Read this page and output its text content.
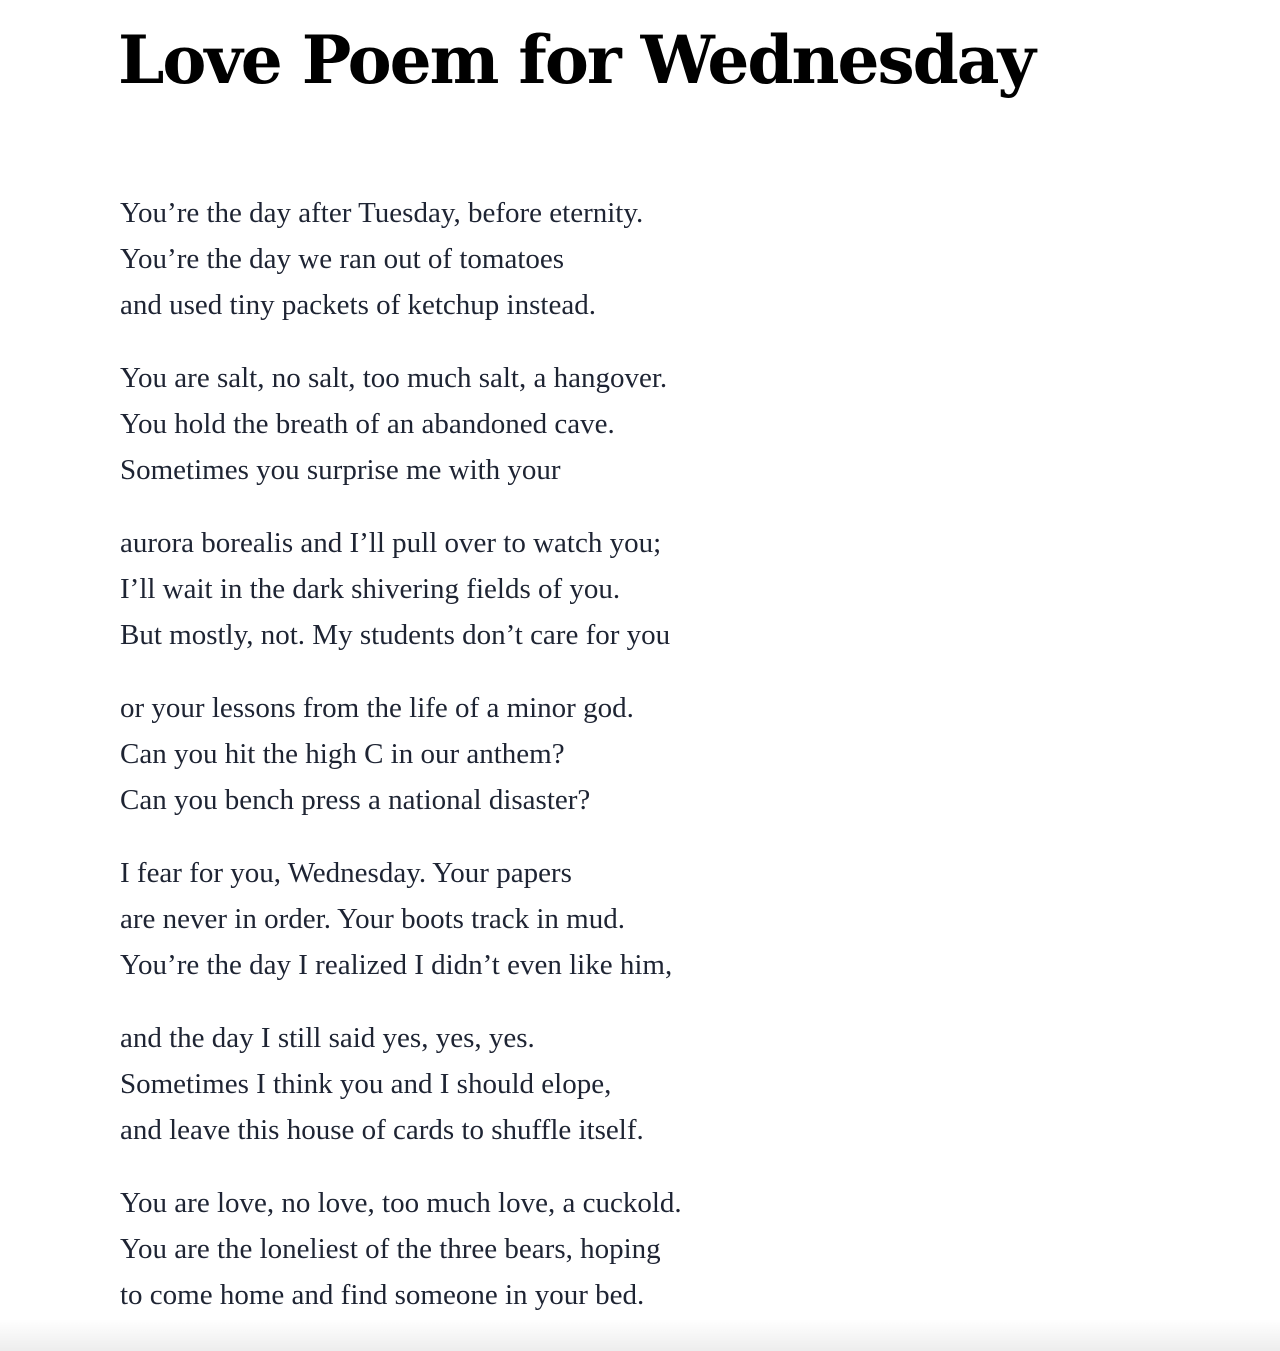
Love Poem for Wednesday

You’re the day after Tuesday, before eternity.
You’re the day we ran out of tomatoes
and used tiny packets of ketchup instead.

You are salt, no salt, too much salt, a hangover.
You hold the breath of an abandoned cave.
Sometimes you surprise me with your

aurora borealis and I’ll pull over to watch you;
I’ll wait in the dark shivering fields of you.
But mostly, not. My students don’t care for you

or your lessons from the life of a minor god.
Can you hit the high C in our anthem?
Can you bench press a national disaster?

I fear for you, Wednesday. Your papers
are never in order. Your boots track in mud.
You’re the day I realized I didn’t even like him,

and the day I still said yes, yes, yes.
Sometimes I think you and I should elope,
and leave this house of cards to shuffle itself.

You are love, no love, too much love, a cuckold.
You are the loneliest of the three bears, hoping
to come home and find someone in your bed.
